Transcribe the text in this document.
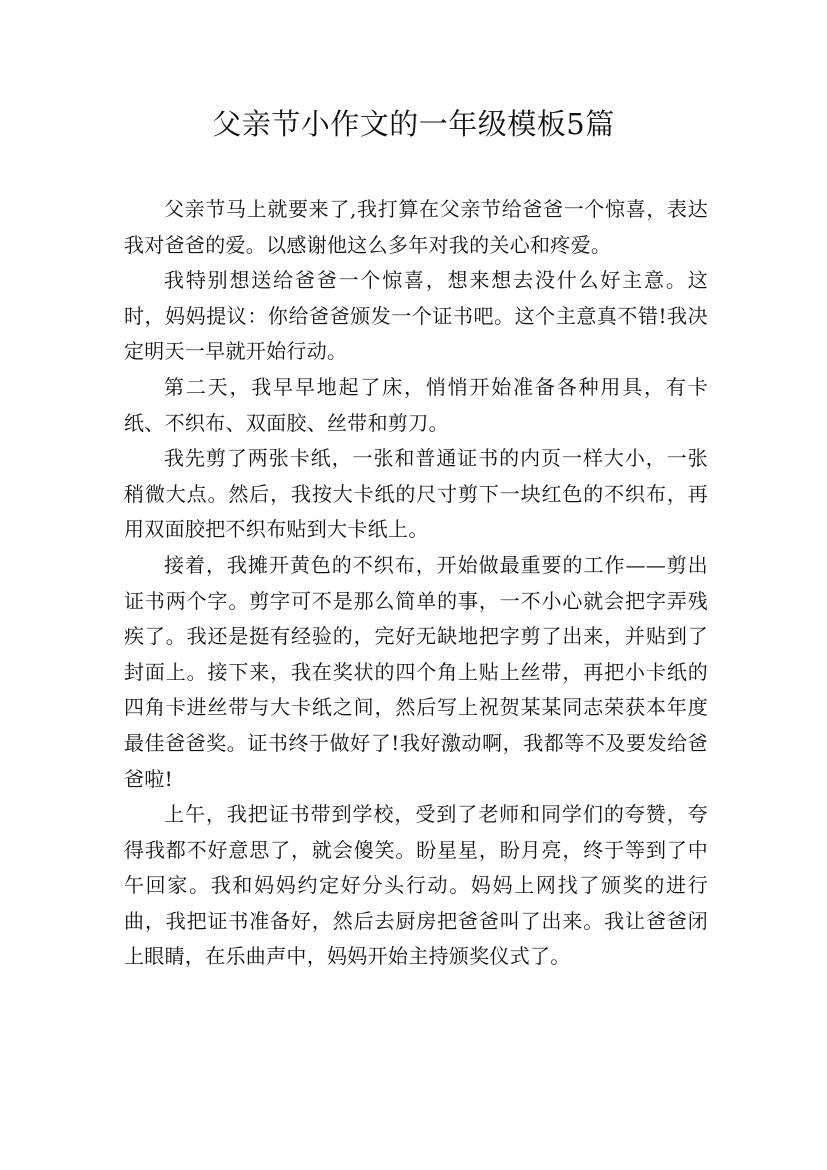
父亲节小作文的一年级模板5篇

父亲节马上就要来了,我打算在父亲节给爸爸一个惊喜，表达我对爸爸的爱。以感谢他这么多年对我的关心和疼爱。

我特别想送给爸爸一个惊喜，想来想去没什么好主意。这时，妈妈提议：你给爸爸颁发一个证书吧。这个主意真不错!我决定明天一早就开始行动。

第二天，我早早地起了床，悄悄开始准备各种用具，有卡纸、不织布、双面胶、丝带和剪刀。

我先剪了两张卡纸，一张和普通证书的内页一样大小，一张稍微大点。然后，我按大卡纸的尺寸剪下一块红色的不织布，再用双面胶把不织布贴到大卡纸上。

接着，我摊开黄色的不织布，开始做最重要的工作——剪出证书两个字。剪字可不是那么简单的事，一不小心就会把字弄残疾了。我还是挺有经验的，完好无缺地把字剪了出来，并贴到了封面上。接下来，我在奖状的四个角上贴上丝带，再把小卡纸的四角卡进丝带与大卡纸之间，然后写上祝贺某某同志荣获本年度最佳爸爸奖。证书终于做好了!我好激动啊，我都等不及要发给爸爸啦!

上午，我把证书带到学校，受到了老师和同学们的夸赞，夸得我都不好意思了，就会傻笑。盼星星，盼月亮，终于等到了中午回家。我和妈妈约定好分头行动。妈妈上网找了颁奖的进行曲，我把证书准备好，然后去厨房把爸爸叫了出来。我让爸爸闭上眼睛，在乐曲声中，妈妈开始主持颁奖仪式了。
